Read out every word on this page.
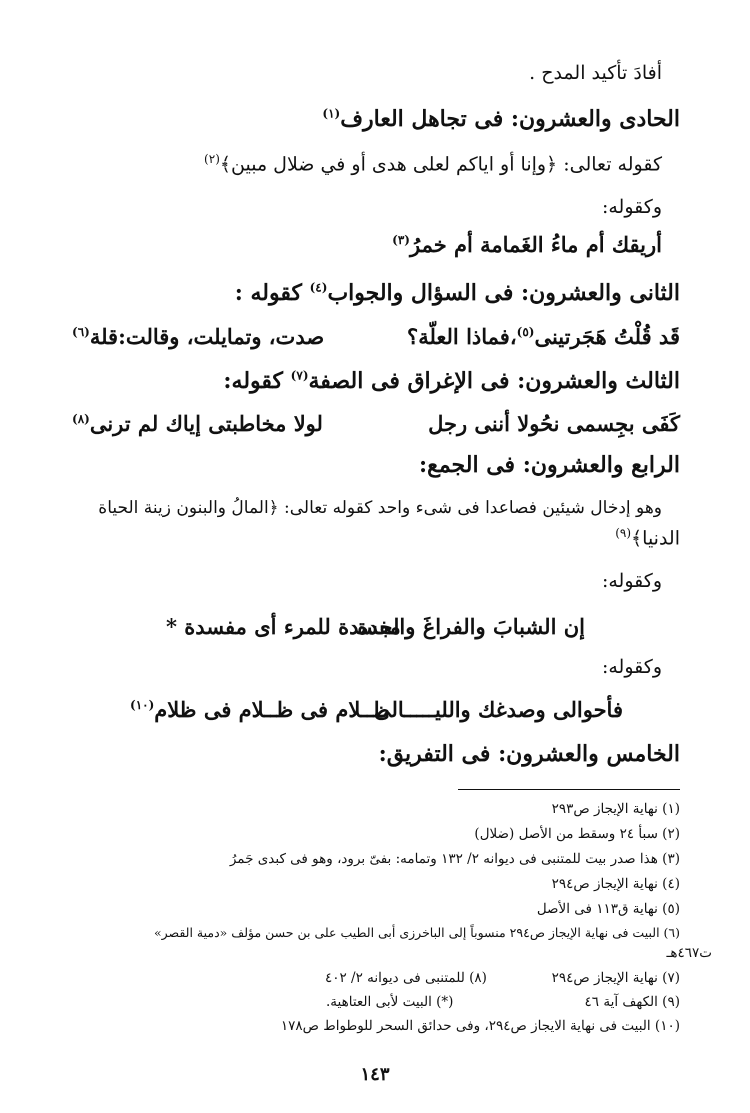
أفادَ تأكيد المدح .
الحادى والعشرون: فى تجاهل العارف$^{(١)}$
كقوله تعالى: ﴿وإنا أو اياكم لعلى هدى أو في ضلال مبين﴾$^{(٢)}$
وكقوله:
أريقك أم ماءُ الغَمامة أم خمرُ$^{(٣)}$
الثانى والعشرون: فى السؤال والجواب$^{(٤)}$ كقوله :
قَد قُلْتُ هَجَرتينى$^{(٥)}$،فماذا العلّة؟
صدت، وتمايلت، وقالت:قلة$^{(٦)}$
الثالث والعشرون: فى الإغراق فى الصفة$^{(٧)}$ كقوله:
كَفَى بجِسمى نحُولا أننى رجل
لولا مخاطبتى إياك لم ترنى$^{(٨)}$
الرابع والعشرون: فى الجمع:
وهو إدخال شيئين فصاعدا فى شىء واحد كقوله تعالى: ﴿المالُ والبنون زينة الحياة
الدنيا﴾$^{(٩)}$
وكقوله:
إن الشبابَ والفراغَ والجدة
مفسدة للمرء أى مفسدة *
وكقوله:
فأحوالى وصدغك والليـــــالى
ظــلام فى ظــلام فى ظلام$^{(١٠)}$
الخامس والعشرون: فى التفريق:
(١) نهاية الإيجاز ص٢٩٣
(٢) سبأ ٢٤ وسقط من الأصل (ضلال)
(٣) هذا صدر بيت للمتنبى فى ديوانه ٢/ ١٣٢ وتمامه: بفىّ برود، وهو فى كبدى جَمرُ
(٤) نهاية الإيجاز ص٢٩٤
(٥) نهاية ق١١٣ فى الأصل
(٦) البيت فى نهاية الإيجاز ص٢٩٤ منسوباً إلى الباخرزى أبى الطيب على بن حسن مؤلف «دمية القصر»
ت٤٦٧هـ
(٧) نهاية الإيجاز ص٢٩٤
(٨) للمتنبى فى ديوانه ٢/ ٤٠٢
(٩) الكهف آية ٤٦
(*) البيت لأبى العتاهية.
(١٠) البيت فى نهاية الايجاز ص٢٩٤، وفى حدائق السحر للوطواط ص١٧٨
١٤٣
